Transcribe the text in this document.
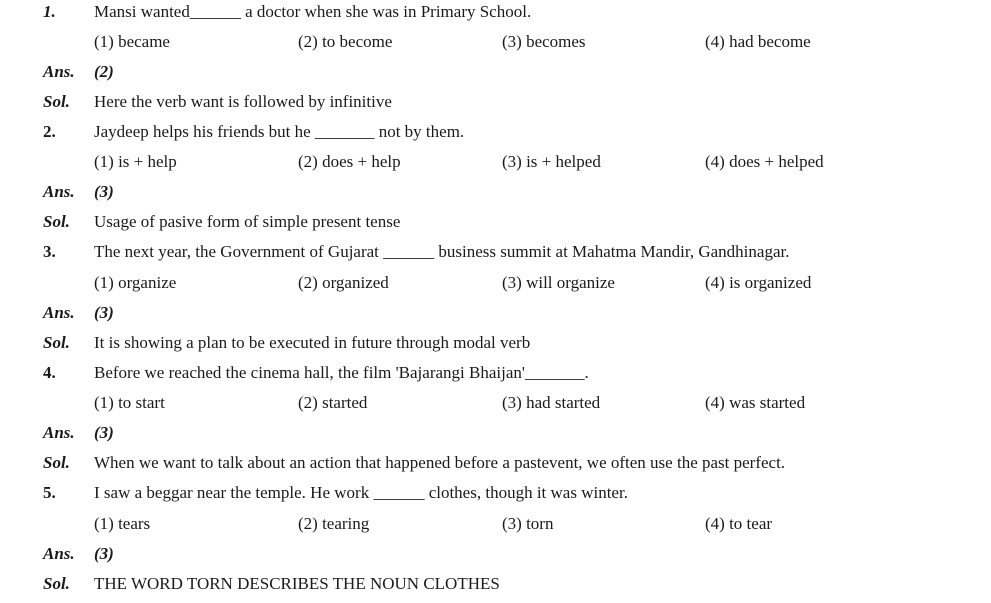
1. Mansi wanted______ a doctor when she was in Primary School.
(1) became	(2) to become	(3) becomes	(4) had become
Ans. (2)
Sol. Here the verb want is followed by infinitive
2. Jaydeep helps his friends but he _______ not by them.
(1) is + help	(2) does + help	(3) is + helped	(4) does + helped
Ans. (3)
Sol. Usage of pasive form of simple present tense
3. The next year, the Government of Gujarat ______ business summit at Mahatma Mandir, Gandhinagar.
(1) organize	(2) organized	(3) will organize	(4) is organized
Ans. (3)
Sol. It is showing a plan to be executed in future through modal verb
4. Before we reached the cinema hall, the film 'Bajarangi Bhaijan'_______.
(1) to start	(2) started	(3) had started	(4) was started
Ans. (3)
Sol. When we want to talk about an action that happened before a pastevent, we often use the past perfect.
5. I saw a beggar near the temple. He work ______ clothes, though it was winter.
(1) tears	(2) tearing	(3) torn	(4) to tear
Ans. (3)
Sol. THE WORD TORN DESCRIBES THE NOUN CLOTHES
